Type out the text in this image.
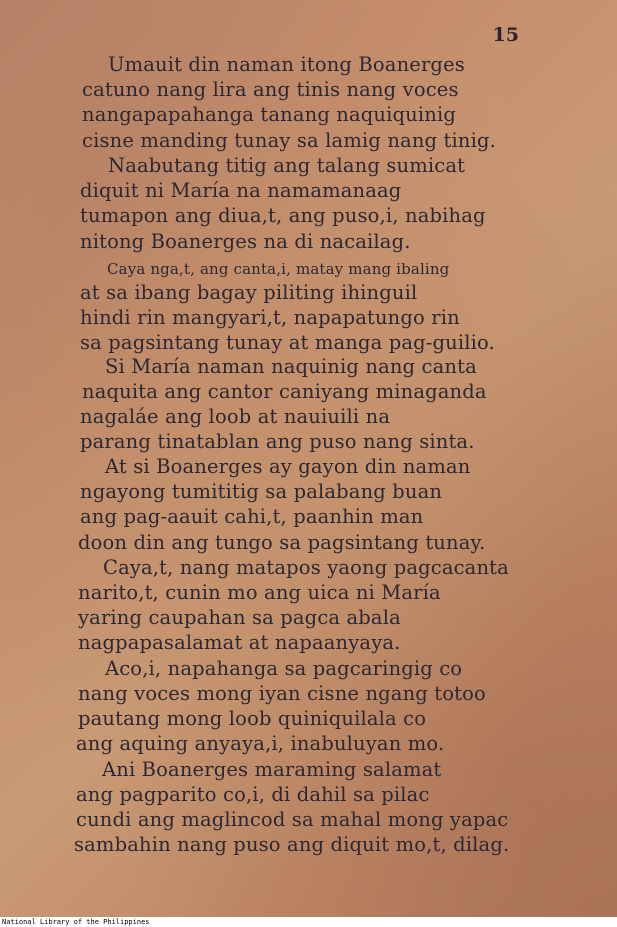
15
Umauit din naman itong Boanerges
catuno nang lira ang tinis nang voces
nangapapahanga tanang naquiquinig
cisne manding tunay sa lamig nang tinig.
Naabutang titig ang talang sumicat
diquit ni María na namamanaag
tumapon ang diua,t, ang puso,i, nabihag
nitong Boanerges na di nacailag.
Caya nga,t, ang canta,i, matay mang ibaling
at sa ibang bagay piliting ihinguil
hindi rin mangyari,t, napapatungo rin
sa pagsintang tunay at manga pag-guilio.
Si María naman naquinig nang canta
naquita ang cantor caniyang minaganda
nagaláe ang loob at nauiuili na
parang tinatablan ang puso nang sinta.
At si Boanerges ay gayon din naman
ngayong tumititig sa palabang buan
ang pag-aauit cahi,t, paanhin man
doon din ang tungo sa pagsintang tunay.
Caya,t, nang matapos yaong pagcacanta
narito,t, cunin mo ang uica ni María
yaring caupahan sa pagca abala
nagpapasalamat at napaanyaya.
Aco,i, napahanga sa pagcaringig co
nang voces mong iyan cisne ngang totoo
pautang mong loob quiniquilala co
ang aquing anyaya,i, inabuluyan mo.
Ani Boanerges maraming salamat
ang pagparito co,i, di dahil sa pilac
cundi ang maglincod sa mahal mong yapac
sambahin nang puso ang diquit mo,t, dilag.
National Library of the Philippines
